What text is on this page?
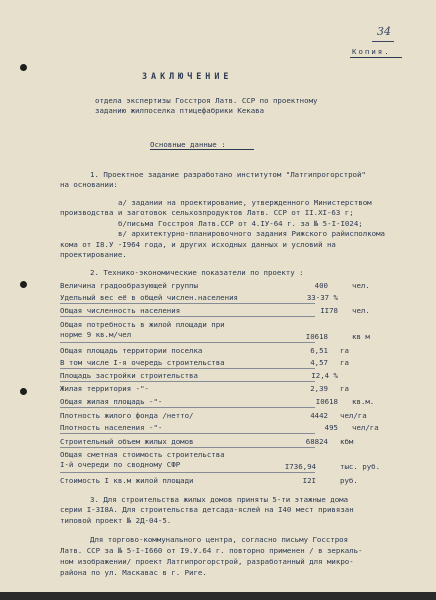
34
Копия.
ЗАКЛЮЧЕНИЕ
отдела экспертизы Госстроя Латв. ССР по проектному
заданию жилпоселка птицефабрики Кекава
Основные данные :
1. Проектное задание разработано институтом "Латгипрогорстрой"
на основании:
а/ задании на проектирование, утвержденного Министерством
производства и заготовок сельхозпродуктов Латв. ССР от II.XI-63 г;
б/письма Госстроя Латв.ССР от 4.IУ-64 г. за № 5-I-I024;
в/ архитектурно-планировочного задания Рижского райисполкома
кома от I8.У -I964 года, и других исходных данных и условий на
проектирование.
2. Технико-экономические показатели по проекту :
Величина градообразующей группы	400	чел.
Удельный вес её в общей числен.населения	33-37 %
Общая численность населения	II78 чел.
Общая потребность в жилой площади при
норме 9 кв.м/чел	I0618	кв м
Общая площадь территории поселка	6,51 га
В том числе I-я очередь строительства	4,57 га
Площадь застройки строительства	I2,4 %
Жилая территория -"-	2,39 га
Общая жилая площадь -"-	I0618 кв.м.
Плотность жилого фонда /нетто/	4442 чел/га
Плотность населения -"-	495 чел/га
Строительный объем жилых домов	68824 кбм
Общая сметная стоимость строительства
I-й очереди по сводному СФР	I736,94	тыс. руб.
Стоимость I кв.м жилой площади	I2I	руб.
3. Для строительства жилых домов приняты 5-ти этажные дома
серии I-3I8А. Для строительства детсада-яслей на I40 мест привязан
типовой проект № 2Д-04-5.
Для торгово-коммунального центра, согласно письму Госстроя
Латв. ССР за № 5-I-I660 от I9.У.64 г. повторно применен / в зеркаль-
ном изображении/ проект Латгипрогорстрой, разработанный для микро-
района по ул. Маскавас в г. Риге.
